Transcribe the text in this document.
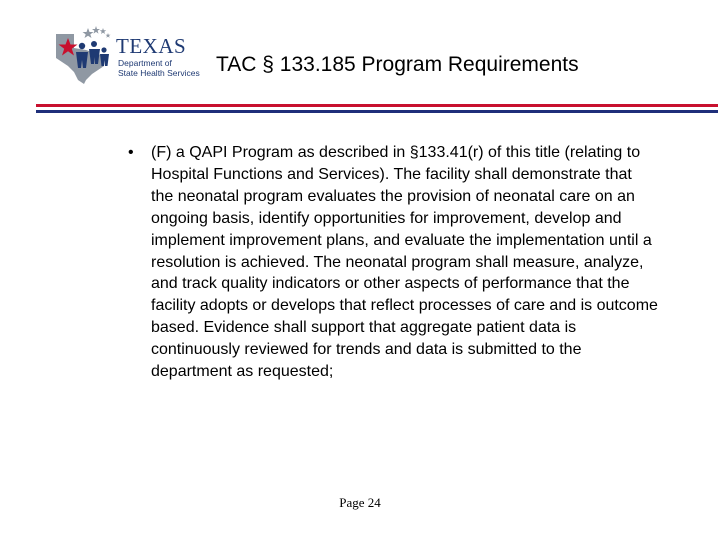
TEXAS
Department of
State Health Services TAC § 133.185 Program Requirements
•	(F) a QAPI Program as described in §133.41(r) of this title (relating to Hospital Functions and Services). The facility shall demonstrate that the neonatal program evaluates the provision of neonatal care on an ongoing basis, identify opportunities for improvement, develop and implement improvement plans, and evaluate the implementation until a resolution is achieved. The neonatal program shall measure, analyze, and track quality indicators or other aspects of performance that the facility adopts or develops that reflect processes of care and is outcome based. Evidence shall support that aggregate patient data is continuously reviewed for trends and data is submitted to the department as requested;
Page 24
